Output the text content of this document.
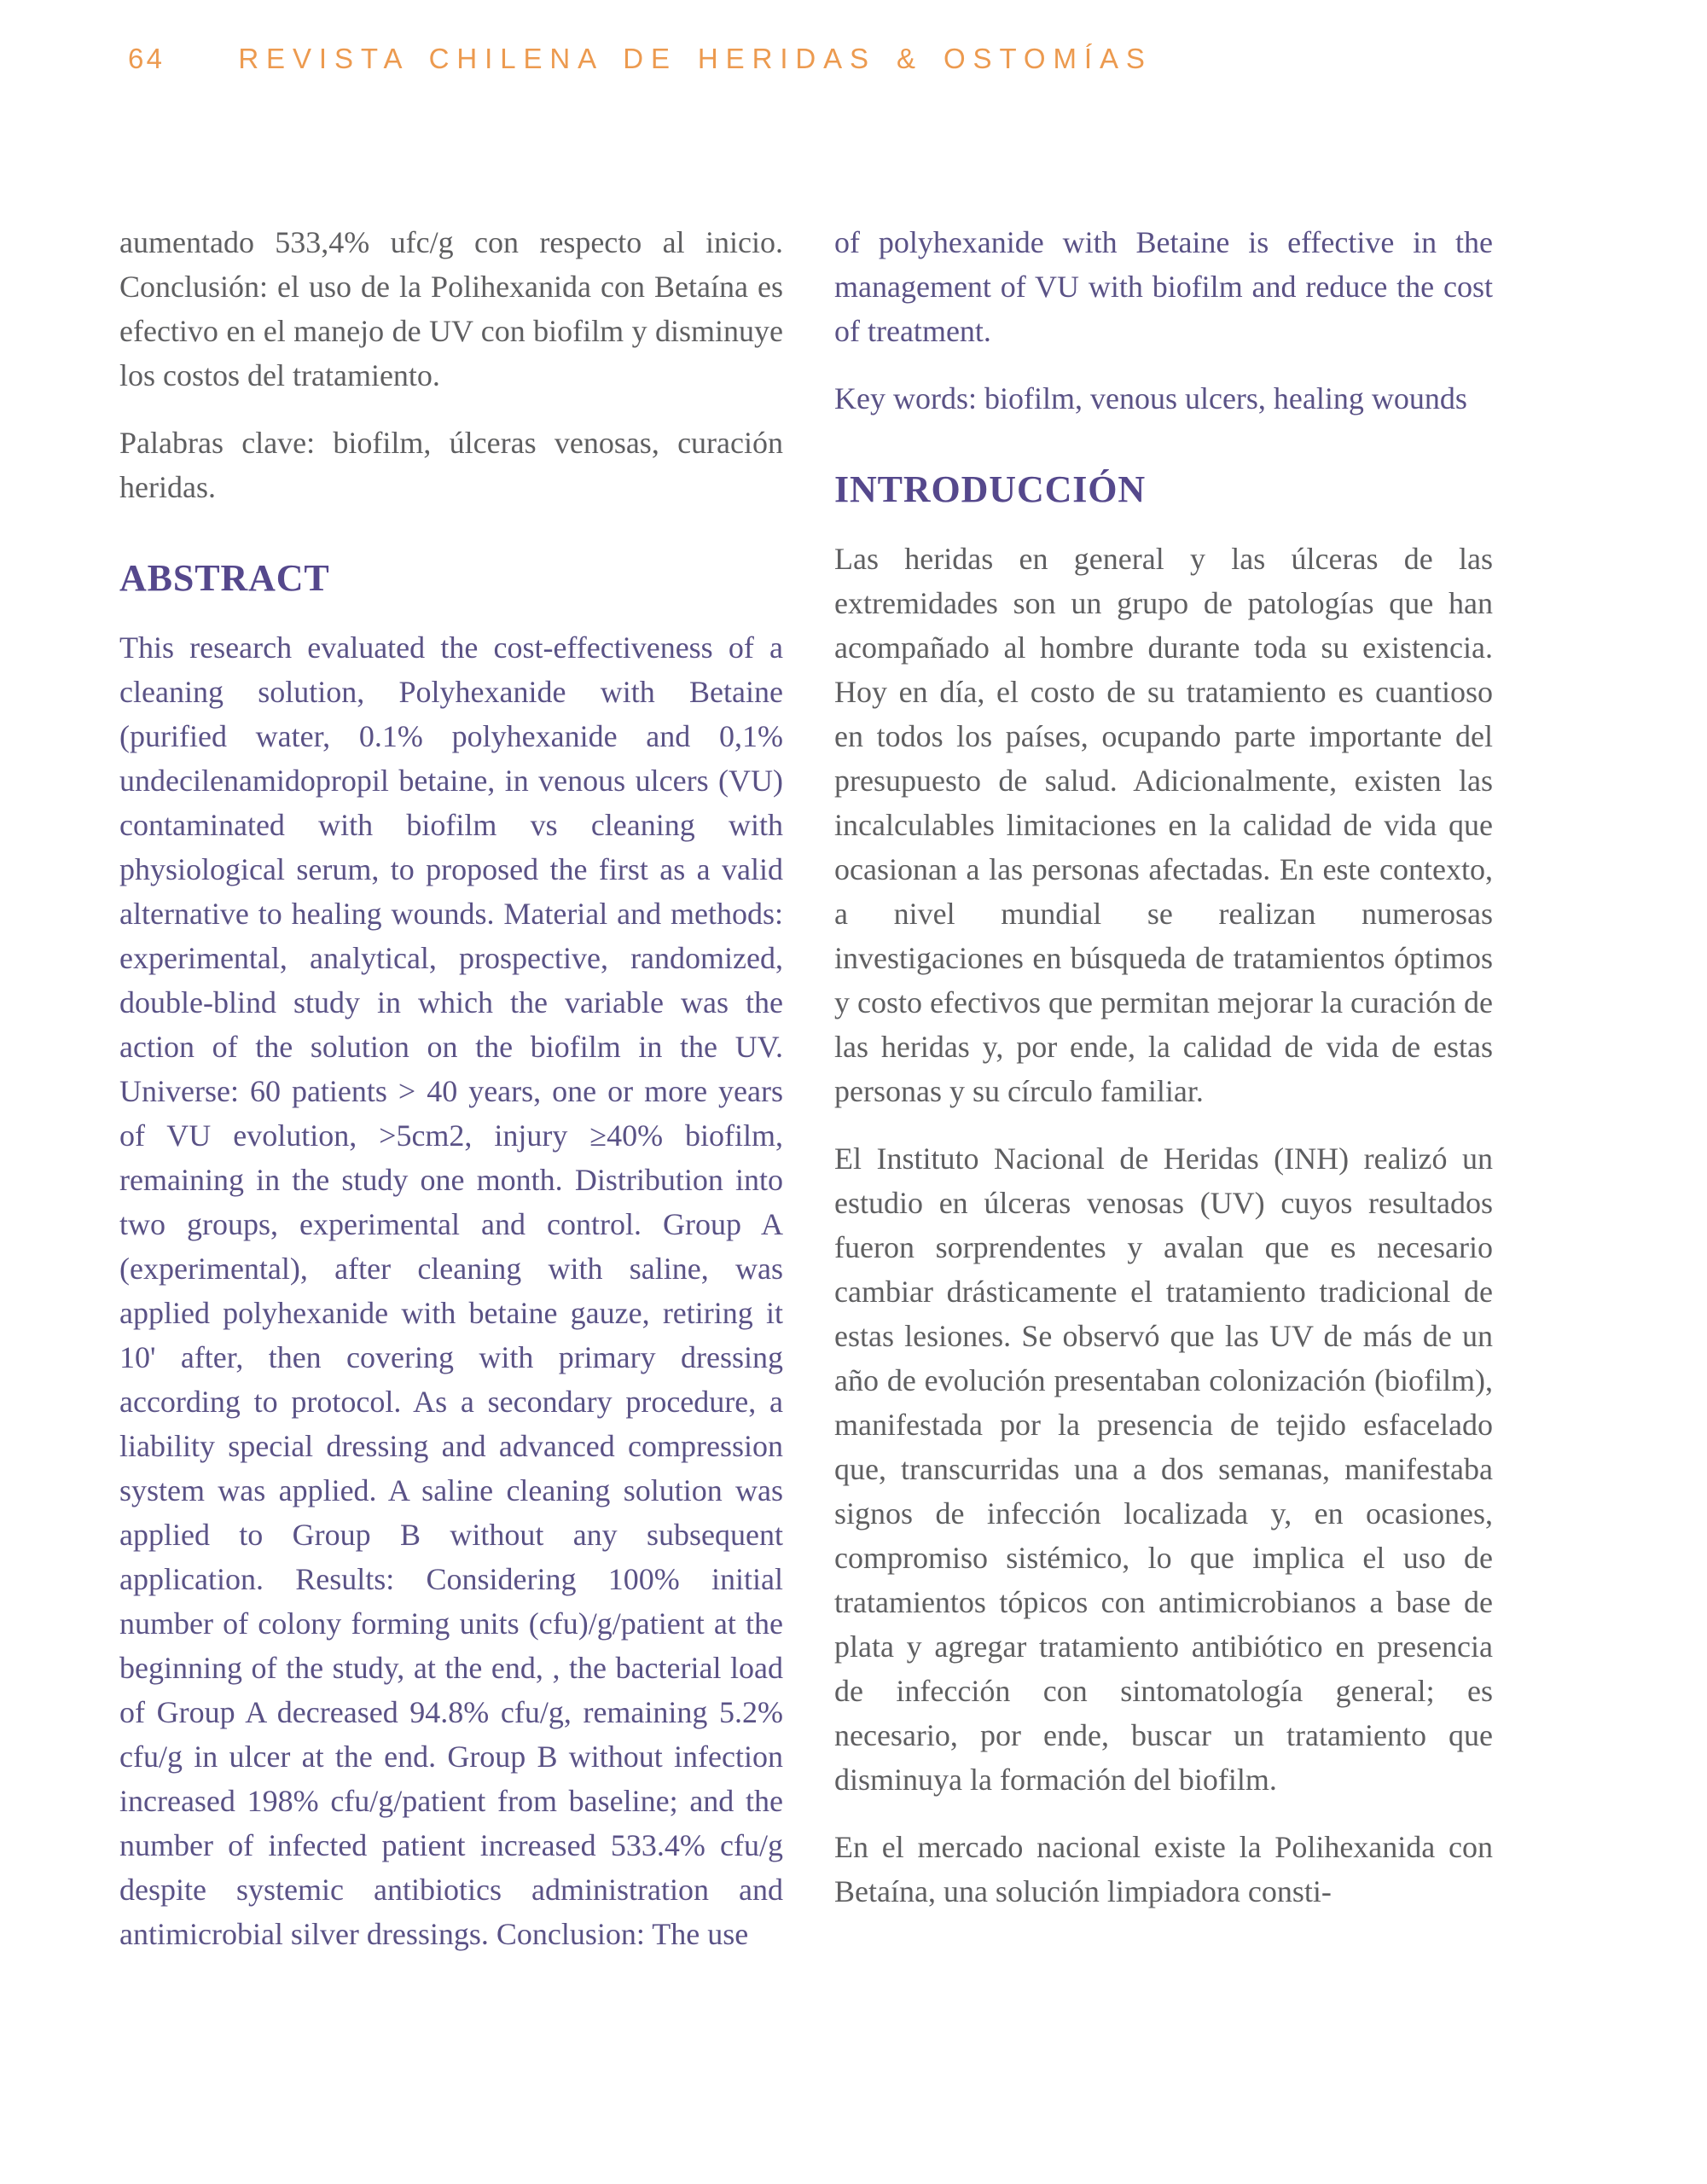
64	REVISTA CHILENA DE HERIDAS & OSTOMÍAS

aumentado 533,4% ufc/g con respecto al inicio. Conclusión: el uso de la Polihexanida con Betaína es efectivo en el manejo de UV con biofilm y disminuye los costos del tratamiento.

Palabras clave: biofilm, úlceras venosas, curación heridas.

ABSTRACT

This research evaluated the cost-effectiveness of a cleaning solution, Polyhexanide with Betaine (purified water, 0.1% polyhexanide and 0,1% undecilenamidopropil betaine, in venous ulcers (VU) contaminated with biofilm vs cleaning with physiological serum, to proposed the first as a valid alternative to healing wounds. Material and methods: experimental, analytical, prospective, randomized, double-blind study in which the variable was the action of the solution on the biofilm in the UV. Universe: 60 patients > 40 years, one or more years of VU evolution, >5cm2, injury ≥40% biofilm, remaining in the study one month. Distribution into two groups, experimental and control. Group A (experimental), after cleaning with saline, was applied polyhexanide with betaine gauze, retiring it 10' after, then covering with primary dressing according to protocol. As a secondary procedure, a liability special dressing and advanced compression system was applied. A saline cleaning solution was applied to Group B without any subsequent application. Results: Considering 100% initial number of colony forming units (cfu)/g/patient at the beginning of the study, at the end, , the bacterial load of Group A decreased 94.8% cfu/g, remaining 5.2% cfu/g in ulcer at the end. Group B without infection increased 198% cfu/g/patient from baseline; and the number of infected patient increased 533.4% cfu/g despite systemic antibiotics administration and antimicrobial silver dressings. Conclusion: The use

of polyhexanide with Betaine is effective in the management of VU with biofilm and reduce the cost of treatment.

Key words: biofilm, venous ulcers, healing wounds

INTRODUCCIÓN

Las heridas en general y las úlceras de las extremidades son un grupo de patologías que han acompañado al hombre durante toda su existencia. Hoy en día, el costo de su tratamiento es cuantioso en todos los países, ocupando parte importante del presupuesto de salud. Adicionalmente, existen las incalculables limitaciones en la calidad de vida que ocasionan a las personas afectadas. En este contexto, a nivel mundial se realizan numerosas investigaciones en búsqueda de tratamientos óptimos y costo efectivos que permitan mejorar la curación de las heridas y, por ende, la calidad de vida de estas personas y su círculo familiar.

El Instituto Nacional de Heridas (INH) realizó un estudio en úlceras venosas (UV) cuyos resultados fueron sorprendentes y avalan que es necesario cambiar drásticamente el tratamiento tradicional de estas lesiones. Se observó que las UV de más de un año de evolución presentaban colonización (biofilm), manifestada por la presencia de tejido esfacelado que, transcurridas una a dos semanas, manifestaba signos de infección localizada y, en ocasiones, compromiso sistémico, lo que implica el uso de tratamientos tópicos con antimicrobianos a base de plata y agregar tratamiento antibiótico en presencia de infección con sintomatología general; es necesario, por ende, buscar un tratamiento que disminuya la formación del biofilm.

En el mercado nacional existe la Polihexanida con Betaína, una solución limpiadora consti-
